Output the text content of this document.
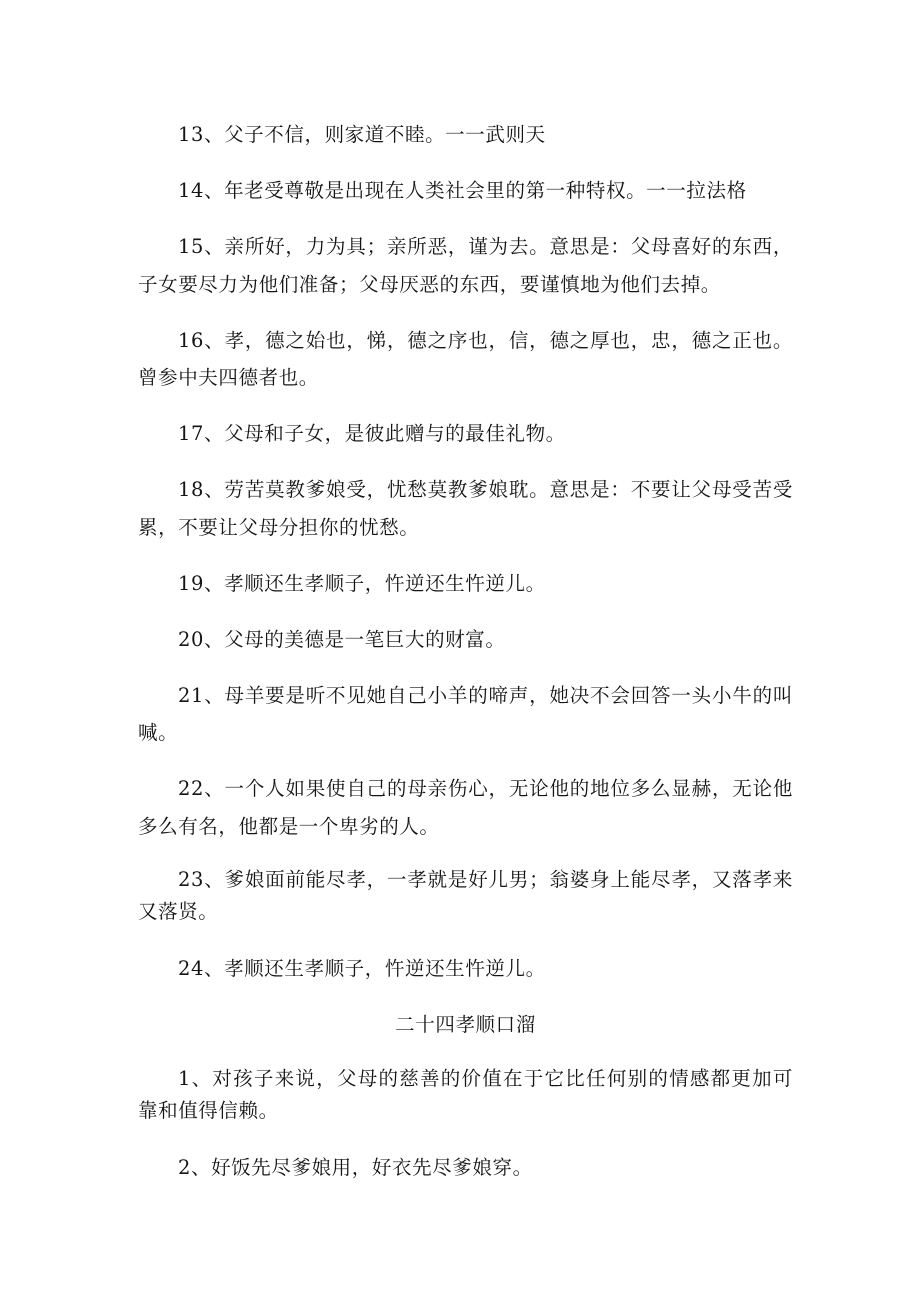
13、父子不信，则家道不睦。一一武则天

14、年老受尊敬是出现在人类社会里的第一种特权。一一拉法格

15、亲所好，力为具；亲所恶，谨为去。意思是：父母喜好的东西，子女要尽力为他们准备；父母厌恶的东西，要谨慎地为他们去掉。

16、孝，德之始也，悌，德之序也，信，德之厚也，忠，德之正也。曾参中夫四德者也。

17、父母和子女，是彼此赠与的最佳礼物。

18、劳苦莫教爹娘受，忧愁莫教爹娘耽。意思是：不要让父母受苦受累，不要让父母分担你的忧愁。

19、孝顺还生孝顺子，忤逆还生忤逆儿。

20、父母的美德是一笔巨大的财富。

21、母羊要是听不见她自己小羊的啼声，她决不会回答一头小牛的叫喊。

22、一个人如果使自己的母亲伤心，无论他的地位多么显赫，无论他多么有名，他都是一个卑劣的人。

23、爹娘面前能尽孝，一孝就是好儿男；翁婆身上能尽孝，又落孝来又落贤。

24、孝顺还生孝顺子，忤逆还生忤逆儿。

二十四孝顺口溜

1、对孩子来说，父母的慈善的价值在于它比任何别的情感都更加可靠和值得信赖。

2、好饭先尽爹娘用，好衣先尽爹娘穿。
